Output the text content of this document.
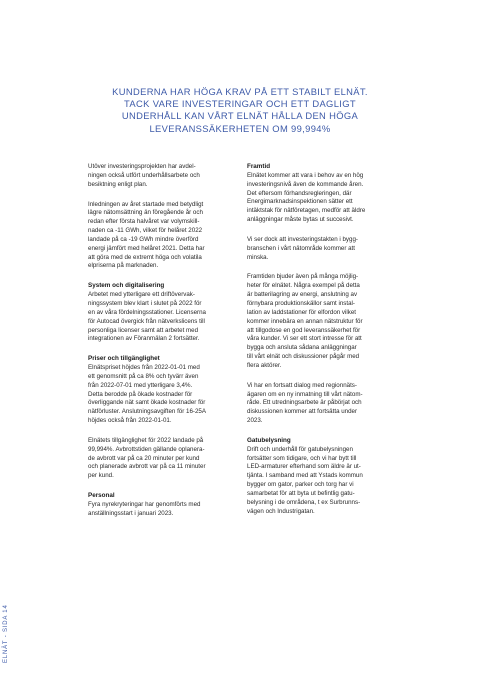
KUNDERNA HAR HÖGA KRAV PÅ ETT STABILT ELNÄT.

TACK VARE INVESTERINGAR OCH ETT DAGLIGT

UNDERHÅLL KAN VÅRT ELNÄT HÅLLA DEN HÖGA

LEVERANSSÄKERHETEN OM 99,994%

Utöver investeringsprojekten har avdel-
ningen också utfört underhållsarbete och
besiktning enligt plan.

Inledningen av året startade med betydligt
lägre nätomsättning än föregående år och
redan efter första halvåret var volymskill-
naden ca -11 GWh, vilket för helåret 2022
landade på ca -19 GWh mindre överförd
energi jämfört med helåret 2021. Detta har
att göra med de extremt höga och volatila
elpriserna på marknaden.

System och digitalisering

Arbetet med ytterligare ett driftövervak-
ningssystem blev klart i slutet på 2022 för
en av våra fördelningsstationer. Licenserna
för Autocad övergick från nätverkslicens till
personliga licenser samt att arbetet med
integrationen av Föranmälan 2 fortsätter.

Priser och tillgänglighet

Elnätspriset höjdes från 2022-01-01 med
ett genomsnitt på ca 8% och tyvärr även
från 2022-07-01 med ytterligare 3,4%.
Detta berodde på ökade kostnader för
överliggande nät samt ökade kostnader för
nätförluster. Anslutningsavgiften för 16-25A
höjdes också från 2022-01-01.

Elnätets tillgänglighet för 2022 landade på
99,994%. Avbrottstiden gällande oplanera-
de avbrott var på ca 20 minuter per kund
och planerade avbrott var på ca 11 minuter
per kund.

Personal

Fyra nyrekryteringar har genomförts med
anställningsstart i januari 2023.

Framtid

Elnätet kommer att vara i behov av en hög
investeringsnivå även de kommande åren.
Det eftersom förhandsregleringen, där
Energimarknadsinspektionen sätter ett
intäktstak för nätföretagen, medför att äldre
anläggningar måste bytas ut succesivt.

Vi ser dock att investeringstakten i bygg-
branschen i vårt nätområde kommer att
minska.

Framtiden bjuder även på många möjlig-
heter för elnätet. Några exempel på detta
är batterilagring av energi, anslutning av
förnybara produktionskällor samt instal-
lation av laddstationer för elfordon vilket
kommer innebära en annan nätstruktur för
att tillgodose en god leveranssäkerhet för
våra kunder. Vi ser ett stort intresse för att
bygga och ansluta sådana anläggningar
till vårt elnät och diskussioner pågår med
flera aktörer.

Vi har en fortsatt dialog med regionnäts-
ägaren om en ny inmatning till vårt nätom-
råde. Ett utredningsarbete är påbörjat och
diskussionen kommer att fortsätta under
2023.

Gatubelysning

Drift och underhåll för gatubelysningen
fortsätter som tidigare, och vi har bytt till
LED-armaturer efterhand som äldre är ut-
tjänta. I samband med att Ystads kommun
bygger om gator, parker och torg har vi
samarbetat för att byta ut befintlig gatu-
belysning i de områdena, t ex Surbrunns-
vägen och Industrigatan.

ELNÄT - SIDA 14
